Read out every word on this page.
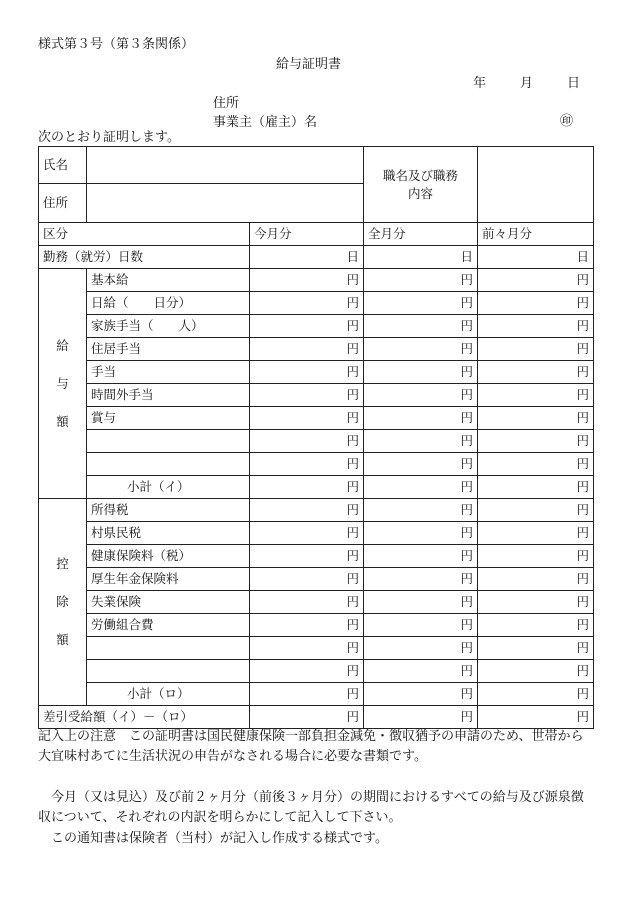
様式第３号（第３条関係）
給与証明書
年	月	日
住所
事業主（雇主）名	㊞
次のとおり証明します。
氏名			職名及び職務
内容	

住所				
区分		今月分	全月分	前々月分
勤務（就労）日数		日	日	日

給
与
額	基本給	円	円	円
	日給（　　日分）	円	円	円
	家族手当（　　人）	円	円	円
	住居手当	円	円	円
	手当	円	円	円
	時間外手当	円	円	円
	賞与	円	円	円
		円	円	円
		円	円	円
	小計（イ）	円	円	円

控
除
額	所得税	円	円	円
	村県民税	円	円	円
	健康保険料（税）	円	円	円
	厚生年金保険料	円	円	円
	失業保険	円	円	円
	労働組合費	円	円	円
		円	円	円
		円	円	円
	小計（ロ）	円	円	円
差引受給額（イ）－（ロ）		円	円	円
記入上の注意　この証明書は国民健康保険一部負担金減免・徴収猶予の申請のため、世帯から大宜味村あてに生活状況の申告がなされる場合に必要な書類です。
　今月（又は見込）及び前２ヶ月分（前後３ヶ月分）の期間におけるすべての給与及び源泉徴収について、それぞれの内訳を明らかにして記入して下さい。
　この通知書は保険者（当村）が記入し作成する様式です。
